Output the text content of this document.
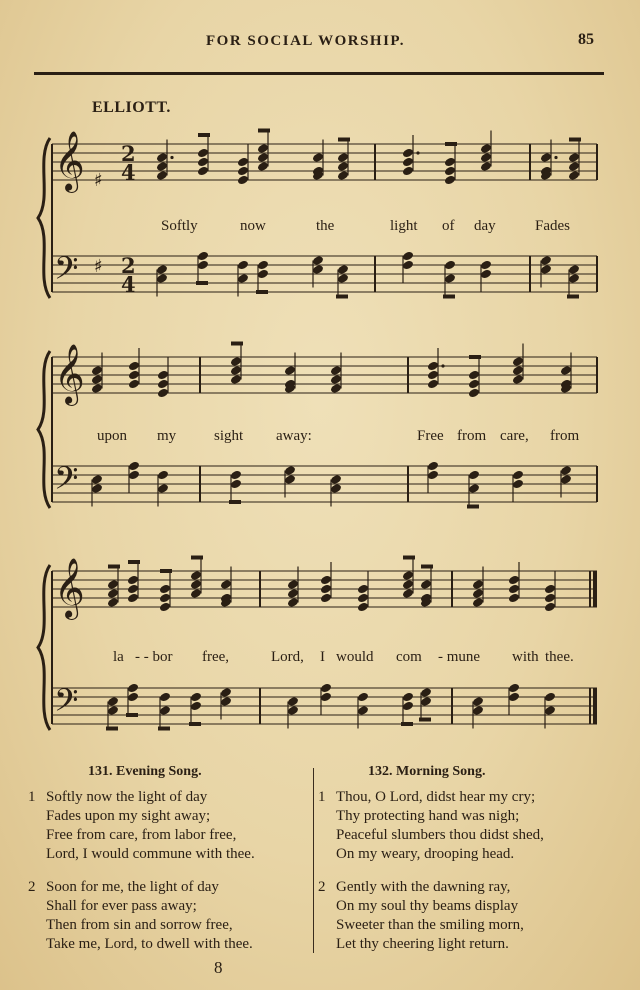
FOR SOCIAL WORSHIP.	85
ELLIOTT.
𝄞
𝄢
𝄞
𝄢
𝄞
𝄢
♯
2
4
♯ 2
4
Softly	now	the	light of day	Fades
upon my	sight away:	Free from care, from
la - - bor free,	Lord, I would com - mune with thee.
131. Evening Song.
1 Softly now the light of day
Fades upon my sight away;
Free from care, from labor free,
Lord, I would commune with thee.
2 Soon for me, the light of day
Shall for ever pass away;
Then from sin and sorrow free,
Take me, Lord, to dwell with thee.
132. Morning Song.
1 Thou, O Lord, didst hear my cry;
Thy protecting hand was nigh;
Peaceful slumbers thou didst shed,
On my weary, drooping head.
2 Gently with the dawning ray,
On my soul thy beams display
Sweeter than the smiling morn,
Let thy cheering light return.
8
